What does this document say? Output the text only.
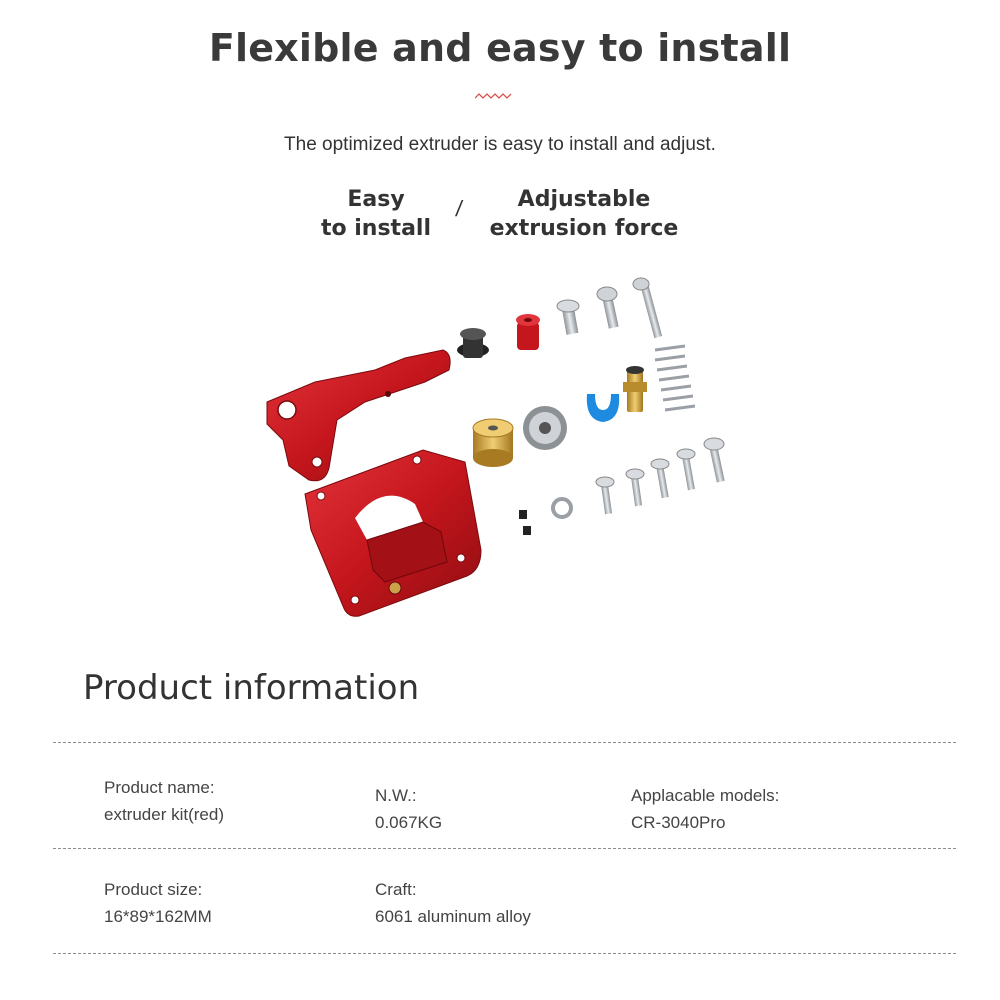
Flexible and easy to install
The optimized extruder is easy to install and adjust.
Easy
to install
/	Adjustable
extrusion force
Product information
Product name:
extruder kit(red)
N.W.:
0.067KG
Applacable models:
CR-3040Pro
Product size:
16*89*162MM
Craft:
6061 aluminum alloy
